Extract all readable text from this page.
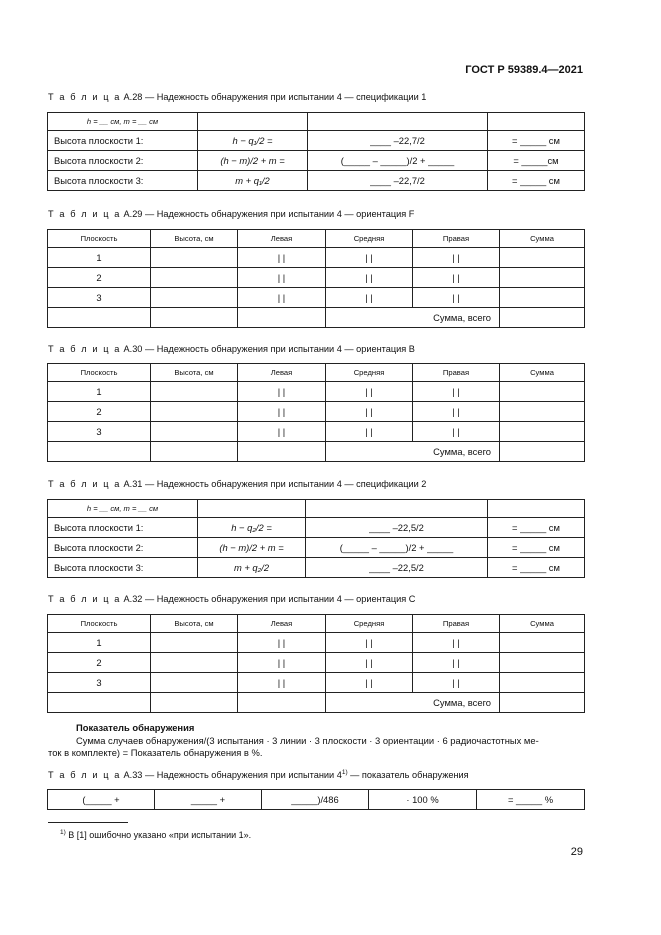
ГОСТ Р 59389.4—2021
Т а б л и ц а А.28 — Надежность обнаружения при испытании 4 — спецификации 1
h = __ см, m = __ см			
Высота плоскости 1:	h − q₁/2 =	____ –22,7/2	= _____ см
Высота плоскости 2:	(h − m)/2 + m =	(_____ – _____)/2 + _____	= _____см
Высота плоскости 3:	m + q₁/2	____ –22,7/2	= _____ см
Т а б л и ц а А.29 — Надежность обнаружения при испытании 4 — ориентация F
Плоскость	Высота, см	Левая	Средняя	Правая	Сумма
1		| |	| |	| |	
2		| |	| |	| |	
3		| |	| |	| |	
			Сумма, всего		
Т а б л и ц а А.30 — Надежность обнаружения при испытании 4 — ориентация B
Плоскость	Высота, см	Левая	Средняя	Правая	Сумма
1		| |	| |	| |	
2		| |	| |	| |	
3		| |	| |	| |	
			Сумма, всего		
Т а б л и ц а А.31 — Надежность обнаружения при испытании 4 — спецификации 2
h = __ см, m = __ см			
Высота плоскости 1:	h − q₂/2 =	____ –22,5/2	= _____ см
Высота плоскости 2:	(h − m)/2 + m =	(_____ – _____)/2 + _____	= _____ см
Высота плоскости 3:	m + q₂/2	____ –22,5/2	= _____ см
Т а б л и ц а А.32 — Надежность обнаружения при испытании 4 — ориентация C
Плоскость	Высота, см	Левая	Средняя	Правая	Сумма
1		| |	| |	| |	
2		| |	| |	| |	
3		| |	| |	| |	
			Сумма, всего		
Показатель обнаружения
Сумма случаев обнаружения/(3 испытания · 3 линии · 3 плоскости · 3 ориентации · 6 радиочастотных ме-
ток в комплекте) = Показатель обнаружения в %.
Т а б л и ц а А.33 — Надежность обнаружения при испытании 4$^{1)}$ — показатель обнаружения
(_____ +	_____ +	_____)/486	· 100 %	= _____ %
$^{1)}$ В [1] ошибочно указано «при испытании 1».
29
